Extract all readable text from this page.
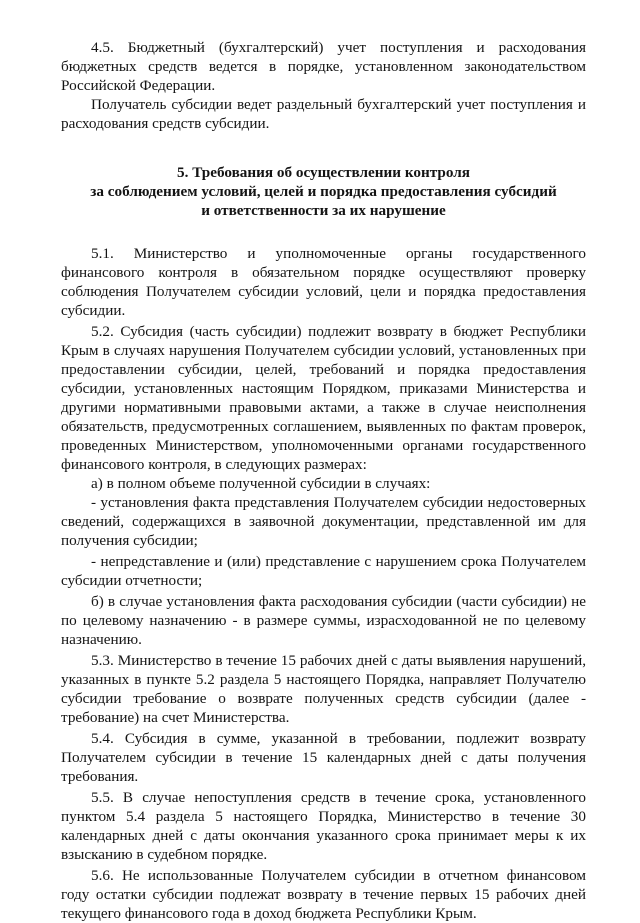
4.5. Бюджетный (бухгалтерский) учет поступления и расходования бюджетных средств ведется в порядке, установленном законодательством Российской Федерации.

Получатель субсидии ведет раздельный бухгалтерский учет поступления и расходования средств субсидии.

5. Требования об осуществлении контроля
за соблюдением условий, целей и порядка предоставления субсидий
и ответственности за их нарушение

5.1. Министерство и уполномоченные органы государственного финансового контроля в обязательном порядке осуществляют проверку соблюдения Получателем субсидии условий, цели и порядка предоставления субсидии.

5.2. Субсидия (часть субсидии) подлежит возврату в бюджет Республики Крым в случаях нарушения Получателем субсидии условий, установленных при предоставлении субсидии, целей, требований и порядка предоставления субсидии, установленных настоящим Порядком, приказами Министерства и другими нормативными правовыми актами, а также в случае неисполнения обязательств, предусмотренных соглашением, выявленных по фактам проверок, проведенных Министерством, уполномоченными органами государственного финансового контроля, в следующих размерах:

а) в полном объеме полученной субсидии в случаях:

- установления факта представления Получателем субсидии недостоверных сведений, содержащихся в заявочной документации, представленной им для получения субсидии;

- непредставление и (или) представление с нарушением срока Получателем субсидии отчетности;

б) в случае установления факта расходования субсидии (части субсидии) не по целевому назначению - в размере суммы, израсходованной не по целевому назначению.

5.3. Министерство в течение 15 рабочих дней с даты выявления нарушений, указанных в пункте 5.2 раздела 5 настоящего Порядка, направляет Получателю субсидии требование о возврате полученных средств субсидии (далее - требование) на счет Министерства.

5.4. Субсидия в сумме, указанной в требовании, подлежит возврату Получателем субсидии в течение 15 календарных дней с даты получения требования.

5.5. В случае непоступления средств в течение срока, установленного пунктом 5.4 раздела 5 настоящего Порядка, Министерство в течение 30 календарных дней с даты окончания указанного срока принимает меры к их взысканию в судебном порядке.

5.6. Не использованные Получателем субсидии в отчетном финансовом году остатки субсидии подлежат возврату в течение первых 15 рабочих дней текущего финансового года в доход бюджета Республики Крым.
